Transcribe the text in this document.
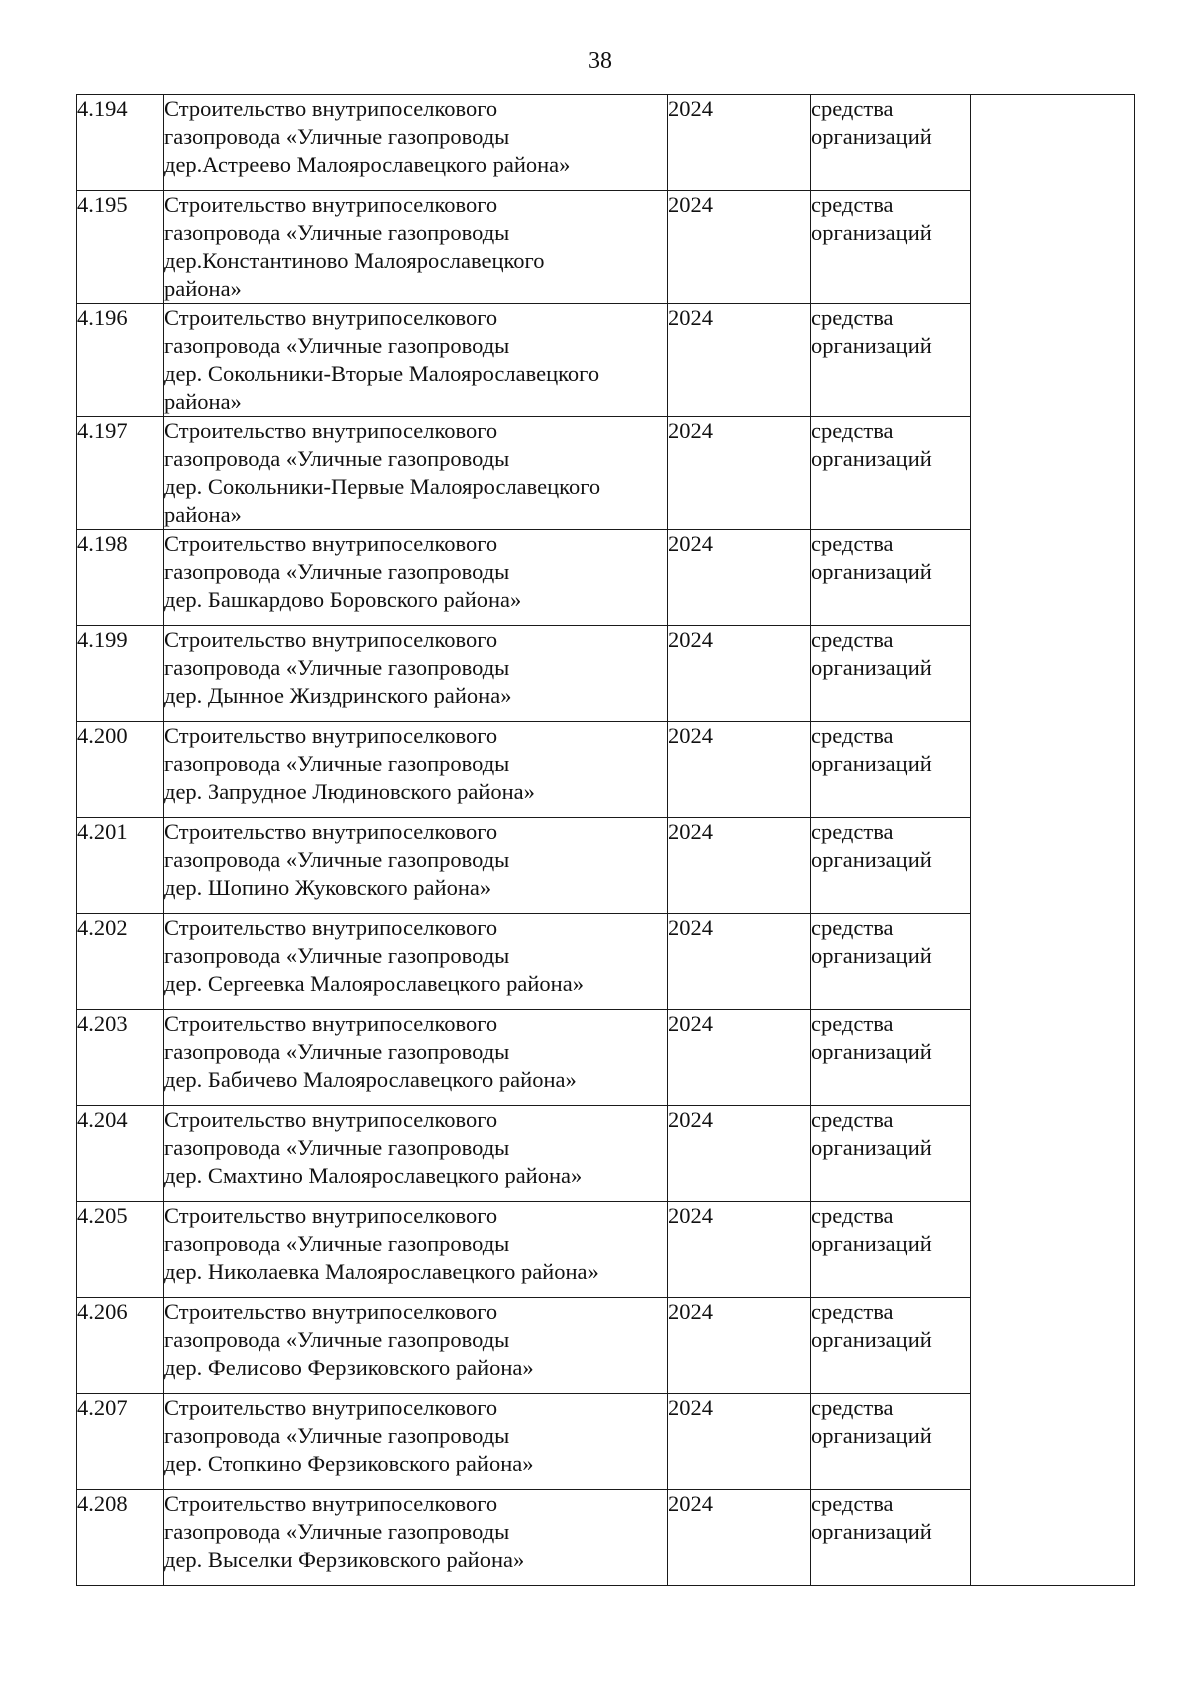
38
4.194	Строительство внутрипоселкового
газопровода «Уличные газопроводы
дер.Астреево Малоярославецкого района»	2024	средства
организаций	

4.195	Строительство внутрипоселкового
газопровода «Уличные газопроводы
дер.Константиново Малоярославецкого
района»	2024	средства
организаций	

4.196	Строительство внутрипоселкового
газопровода «Уличные газопроводы
дер. Сокольники-Вторые Малоярославецкого
района»	2024	средства
организаций	

4.197	Строительство внутрипоселкового
газопровода «Уличные газопроводы
дер. Сокольники-Первые Малоярославецкого
района»	2024	средства
организаций	

4.198	Строительство внутрипоселкового
газопровода «Уличные газопроводы
дер. Башкардово Боровского района»	2024	средства
организаций	

4.199	Строительство внутрипоселкового
газопровода «Уличные газопроводы
дер. Дынное Жиздринского района»	2024	средства
организаций	

4.200	Строительство внутрипоселкового
газопровода «Уличные газопроводы
дер. Запрудное Людиновского района»	2024	средства
организаций	

4.201	Строительство внутрипоселкового
газопровода «Уличные газопроводы
дер. Шопино Жуковского района»	2024	средства
организаций	

4.202	Строительство внутрипоселкового
газопровода «Уличные газопроводы
дер. Сергеевка Малоярославецкого района»	2024	средства
организаций	

4.203	Строительство внутрипоселкового
газопровода «Уличные газопроводы
дер. Бабичево Малоярославецкого района»	2024	средства
организаций	

4.204	Строительство внутрипоселкового
газопровода «Уличные газопроводы
дер. Смахтино Малоярославецкого района»	2024	средства
организаций	

4.205	Строительство внутрипоселкового
газопровода «Уличные газопроводы
дер. Николаевка Малоярославецкого района»	2024	средства
организаций	

4.206	Строительство внутрипоселкового
газопровода «Уличные газопроводы
дер. Фелисово Ферзиковского района»	2024	средства
организаций	

4.207	Строительство внутрипоселкового
газопровода «Уличные газопроводы
дер. Стопкино Ферзиковского района»	2024	средства
организаций	

4.208	Строительство внутрипоселкового
газопровода «Уличные газопроводы
дер. Выселки Ферзиковского района»	2024	средства
организаций	
